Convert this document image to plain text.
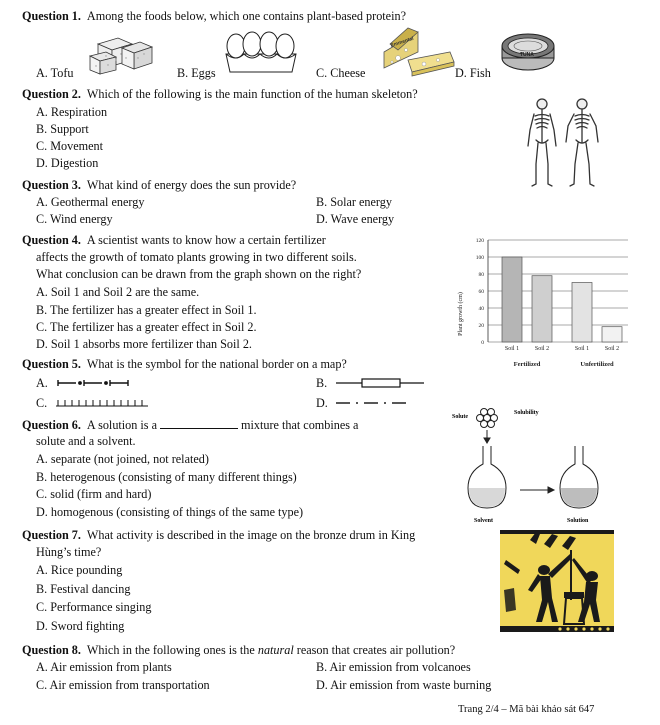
Question 1. Among the foods below, which one contains plant-based protein?
Emmental
TUNA
A. Tofu	B. Eggs	C. Cheese	D. Fish
Question 2. Which of the following is the main function of the human skeleton?
A. Respiration
B. Support
C. Movement
D. Digestion
Question 3. What kind of energy does the sun provide?
A. Geothermal energy	B. Solar energy
C. Wind energy	D. Wave energy
Question 4. A scientist wants to know how a certain fertilizer
affects the growth of tomato plants growing in two different soils.
What conclusion can be drawn from the graph shown on the right?
A. Soil 1 and Soil 2 are the same.
B. The fertilizer has a greater effect in Soil 1.
C. The fertilizer has a greater effect in Soil 2.
D. Soil 1 absorbs more fertilizer than Soil 2.
Plant growth (cm)
0
20
40
60
80
100
120
Soil 1	Soil 2	Soil 1	Soil 2
Fertilized	Unfertilized
Question 5. What is the symbol for the national border on a map?
A.	B.
C.	D.
Question 6. A solution is a	mixture that combines a
solute and a solvent.
A. separate (not joined, not related)
B. heterogenous (consisting of many different things)
C. solid (firm and hard)
D. homogenous (consisting of things of the same type)
Solute
Solubility
Solvent	Solution
Question 7. What activity is described in the image on the bronze drum in King
Hùng’s time?
A. Rice pounding
B. Festival dancing
C. Performance singing
D. Sword fighting
Question 8. Which in the following ones is the natural reason that creates air pollution?
A. Air emission from plants	B. Air emission from volcanoes
C. Air emission from transportation	D. Air emission from waste burning
Trang 2/4 – Mã bài khảo sát 647
